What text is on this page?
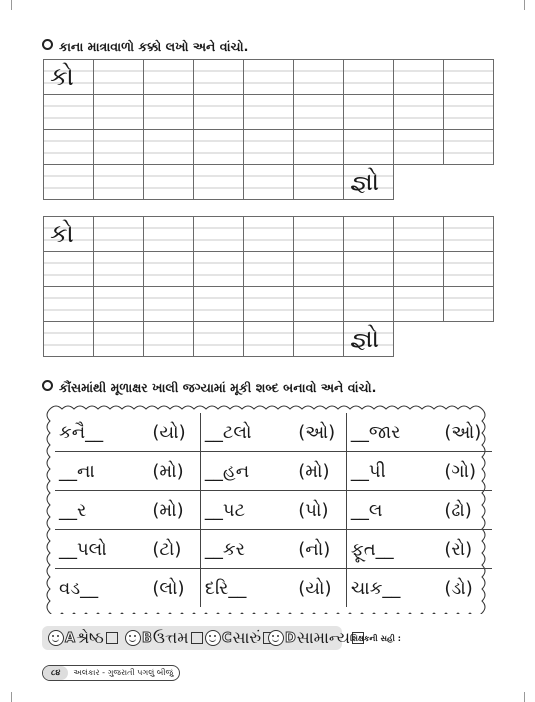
કાના માત્રાવાળો કક્કો લખો અને વાંચો.
કો								

						જ્ઞો		

કો								

						જ્ઞો		

કૌંસમાંથી મૂળાક્ષર ખાલી જગ્યામાં મૂકી શબ્દ બનાવો અને વાંચો.
કનૈ__	(યો)	__ટલો	(ઓ)	__જાર	(ઓ)
__ના	(મો)	__હન	(મો)	__પી	(ગો)
__ર	(મો)	__પટ	(પો)	__લ	(ઢો)
__પલો	(ટો)	__કર	(નો)	ફૂત__	(રો)
વડ__	(લો)	દરિ__	(યો)	ચાક__	(ડો)
A શ્રેષ્ઠ	B ઉત્તમ	C સારું D સામાન્ય શિક્ષકની સહી :
૮૪	અલંકાર - ગુજરાતી પગલું બીજું
